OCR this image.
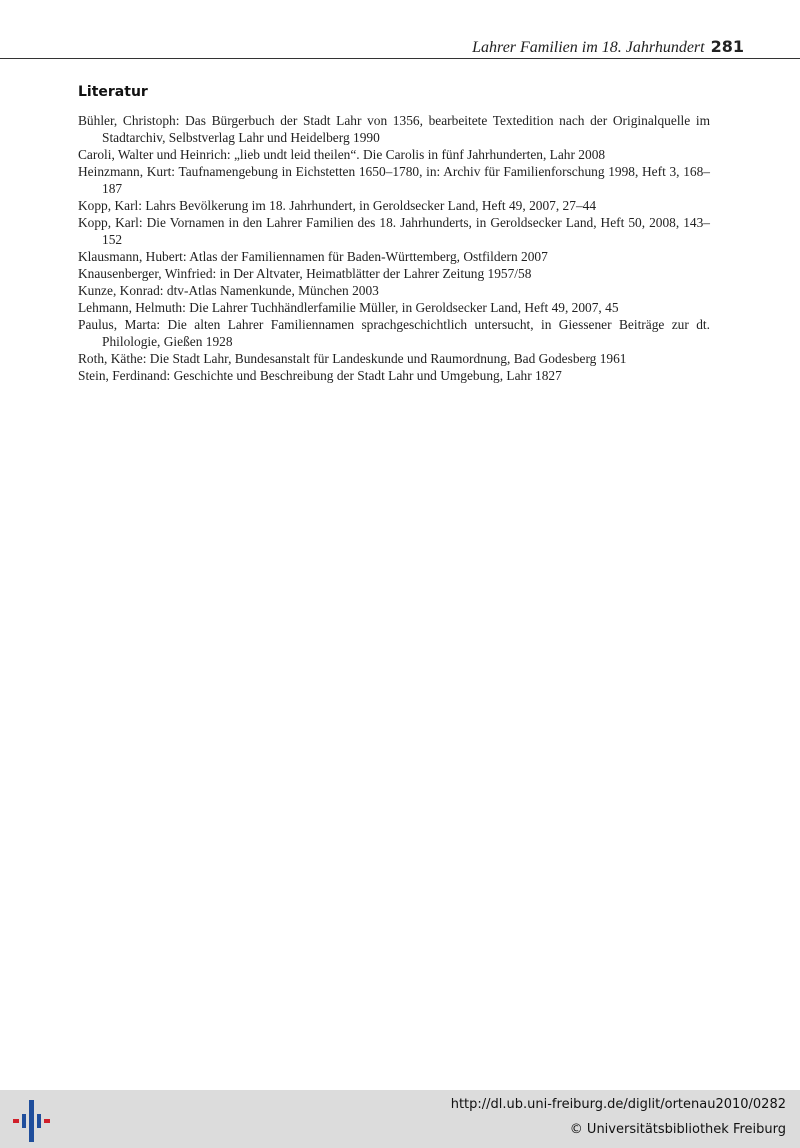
Lahrer Familien im 18. Jahrhundert 281
Literatur
Bühler, Christoph: Das Bürgerbuch der Stadt Lahr von 1356, bearbeitete Textedition nach der Originalquelle im Stadtarchiv, Selbstverlag Lahr und Heidelberg 1990
Caroli, Walter und Heinrich: „lieb undt leid theilen“. Die Carolis in fünf Jahrhunderten, Lahr 2008
Heinzmann, Kurt: Taufnamengebung in Eichstetten 1650–1780, in: Archiv für Familienforschung 1998, Heft 3, 168–187
Kopp, Karl: Lahrs Bevölkerung im 18. Jahrhundert, in Geroldsecker Land, Heft 49, 2007, 27–44
Kopp, Karl: Die Vornamen in den Lahrer Familien des 18. Jahrhunderts, in Geroldsecker Land, Heft 50, 2008, 143–152
Klausmann, Hubert: Atlas der Familiennamen für Baden-Württemberg, Ostfildern 2007
Knausenberger, Winfried: in Der Altvater, Heimatblätter der Lahrer Zeitung 1957/58
Kunze, Konrad: dtv-Atlas Namenkunde, München 2003
Lehmann, Helmuth: Die Lahrer Tuchhändlerfamilie Müller, in Geroldsecker Land, Heft 49, 2007, 45
Paulus, Marta: Die alten Lahrer Familiennamen sprachgeschichtlich untersucht, in Giessener Beiträge zur dt. Philologie, Gießen 1928
Roth, Käthe: Die Stadt Lahr, Bundesanstalt für Landeskunde und Raumordnung, Bad Godesberg 1961
Stein, Ferdinand: Geschichte und Beschreibung der Stadt Lahr und Umgebung, Lahr 1827
http://dl.ub.uni-freiburg.de/diglit/ortenau2010/0282
© Universitätsbibliothek Freiburg
